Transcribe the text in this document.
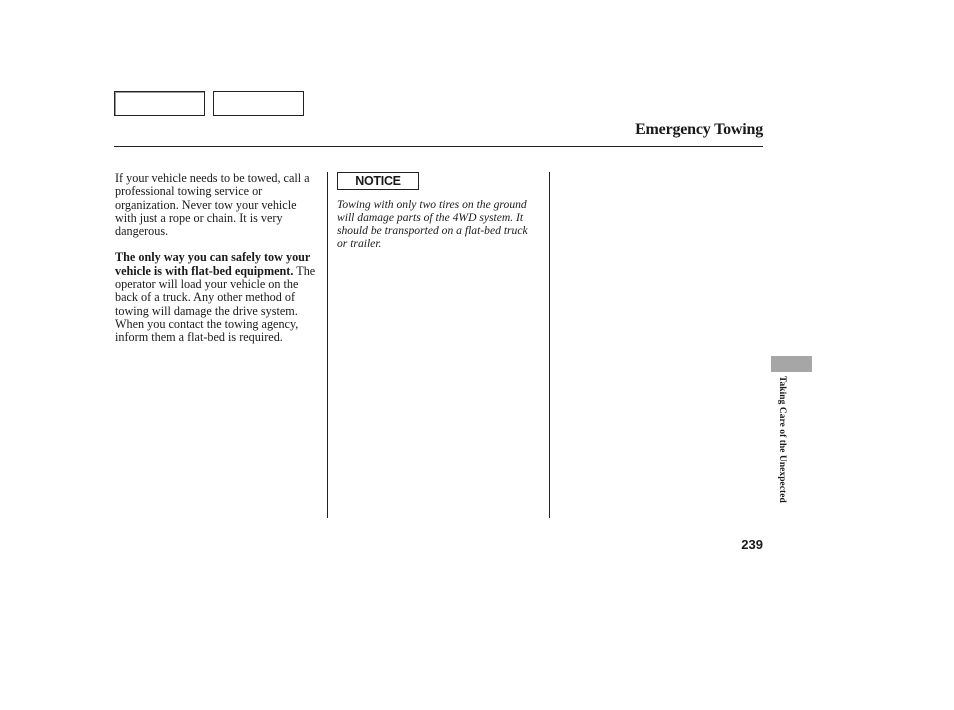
Emergency Towing

If your vehicle needs to be towed, call a professional towing service or organization. Never tow your vehicle with just a rope or chain. It is very dangerous.

The only way you can safely tow your vehicle is with flat-bed equipment. The operator will load your vehicle on the back of a truck. Any other method of towing will damage the drive system. When you contact the towing agency, inform them a flat-bed is required.

NOTICE
Towing with only two tires on the ground will damage parts of the 4WD system. It should be transported on a flat-bed truck or trailer.
Taking Care of the Unexpected
239
